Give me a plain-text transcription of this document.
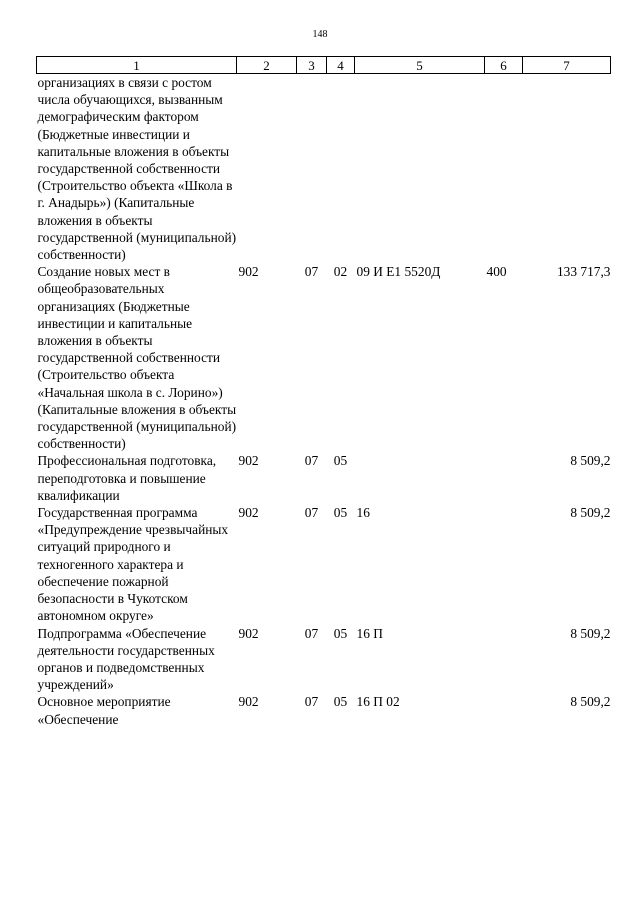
148
1	2	3	4	5	6	7
организациях в связи с ростом числа обучающихся, вызванным демографическим фактором (Бюджетные инвестиции и капитальные вложения в объекты государственной собственности (Строительство объекта «Школа в г. Анадырь») (Капитальные вложения в объекты государственной (муниципальной) собственности)						
Создание новых мест в общеобразовательных организациях (Бюджетные инвестиции и капитальные вложения в объекты государственной собственности (Строительство объекта «Начальная школа в с. Лорино») (Капитальные вложения в объекты государственной (муниципальной) собственности)	902	07	02	09 И Е1 5520Д	400	133 717,3
Профессиональная подготовка, переподготовка и повышение квалификации	902	07	05			8 509,2
Государственная программа «Предупреждение чрезвычайных ситуаций природного и техногенного характера и обеспечение пожарной безопасности в Чукотском автономном округе»	902	07	05	16		8 509,2
Подпрограмма «Обеспечение деятельности государственных органов и подведомственных учреждений»	902	07	05	16 П		8 509,2
Основное мероприятие «Обеспечение	902	07	05	16 П 02		8 509,2
